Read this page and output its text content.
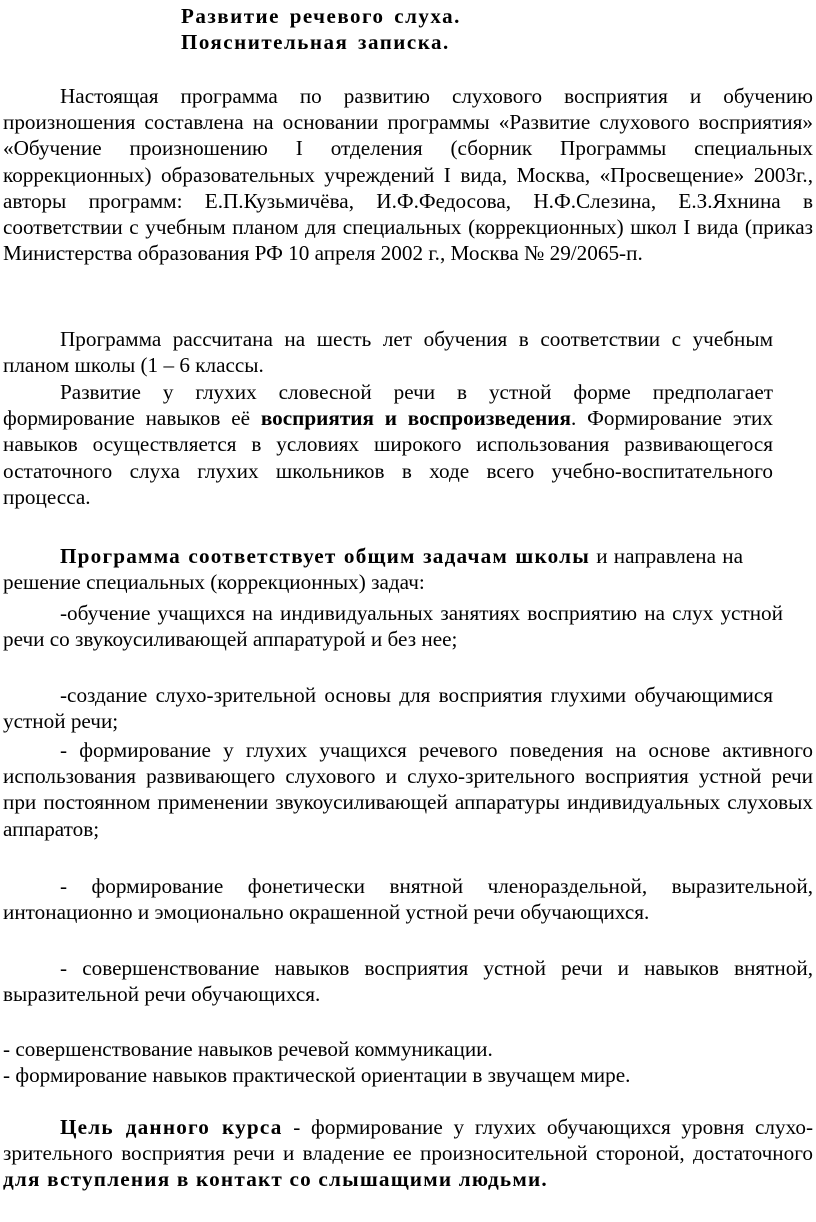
Развитие речевого слуха.

Пояснительная записка.

Настоящая программа по развитию слухового восприятия и обучению произношения составлена на основании программы «Развитие слухового восприятия» «Обучение произношению I отделения (сборник Программы специальных коррекционных) образовательных учреждений I вида, Москва, «Просвещение» 2003г., авторы программ: Е.П.Кузьмичёва, И.Ф.Федосова, Н.Ф.Слезина, Е.З.Яхнина в соответствии с учебным планом для специальных (коррекционных) школ I вида (приказ Министерства образования РФ 10 апреля 2002 г., Москва № 29/2065-п.

Программа рассчитана на шесть лет обучения в соответствии с учебным планом школы (1 – 6 классы.

Развитие у глухих словесной речи в устной форме предполагает формирование навыков её восприятия и воспроизведения. Формирование этих навыков осуществляется в условиях широкого использования развивающегося остаточного слуха глухих школьников в ходе всего учебно-воспитательного процесса.

Программа соответствует общим задачам школы и направлена на решение специальных (коррекционных) задач:

-обучение учащихся на индивидуальных занятиях восприятию на слух устной речи со звукоусиливающей аппаратурой и без нее;

-создание слухо-зрительной основы для восприятия глухими обучающимися устной речи;

- формирование у глухих учащихся речевого поведения на основе активного использования развивающего слухового и слухо-зрительного восприятия устной речи при постоянном применении звукоусиливающей аппаратуры индивидуальных слуховых аппаратов;

- формирование фонетически внятной членораздельной, выразительной, интонационно и эмоционально окрашенной устной речи обучающихся.

- совершенствование навыков восприятия устной речи и навыков внятной, выразительной речи обучающихся.

- совершенствование навыков речевой коммуникации.

- формирование навыков практической ориентации в звучащем мире.

Цель данного курса - формирование у глухих обучающихся уровня слухо-зрительного восприятия речи и владение ее произносительной стороной, достаточного для вступления в контакт со слышащими людьми.
